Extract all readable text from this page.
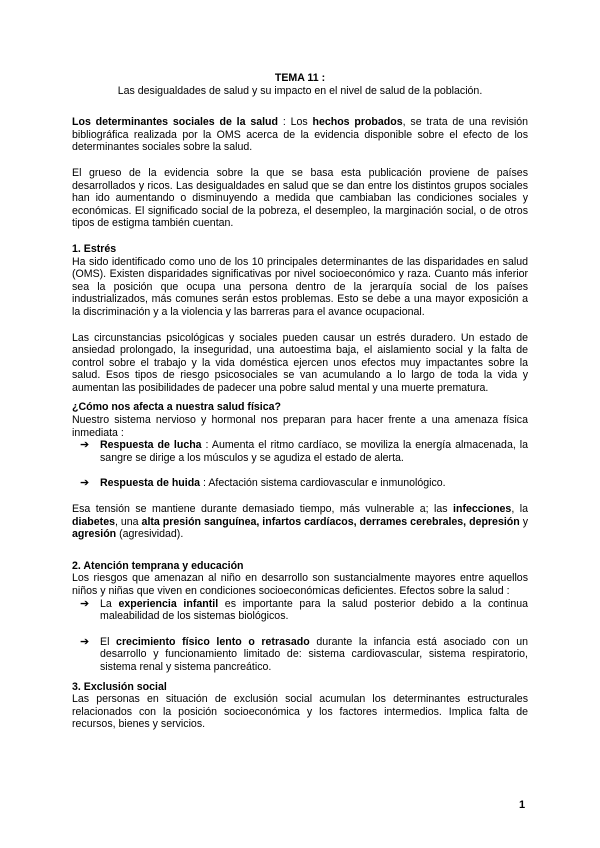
TEMA 11 :

Las desigualdades de salud y su impacto en el nivel de salud de la población.

Los determinantes sociales de la salud : Los hechos probados, se trata de una revisión bibliográfica realizada por la OMS acerca de la evidencia disponible sobre el efecto de los determinantes sociales sobre la salud.

El grueso de la evidencia sobre la que se basa esta publicación proviene de países desarrollados y ricos. Las desigualdades en salud que se dan entre los distintos grupos sociales han ido aumentando o disminuyendo a medida que cambiaban las condiciones sociales y económicas. El significado social de la pobreza, el desempleo, la marginación social, o de otros tipos de estigma también cuentan.

1. Estrés

Ha sido identificado como uno de los 10 principales determinantes de las disparidades en salud (OMS). Existen disparidades significativas por nivel socioeconómico y raza. Cuanto más inferior sea la posición que ocupa una persona dentro de la jerarquía social de los países industrializados, más comunes serán estos problemas. Esto se debe a una mayor exposición a la discriminación y a la violencia y las barreras para el avance ocupacional.

Las circunstancias psicológicas y sociales pueden causar un estrés duradero. Un estado de ansiedad prolongado, la inseguridad, una autoestima baja, el aislamiento social y la falta de control sobre el trabajo y la vida doméstica ejercen unos efectos muy impactantes sobre la salud. Esos tipos de riesgo psicosociales se van acumulando a lo largo de toda la vida y aumentan las posibilidades de padecer una pobre salud mental y una muerte prematura.

¿Cómo nos afecta a nuestra salud física?

Nuestro sistema nervioso y hormonal nos preparan para hacer frente a una amenaza física inmediata :

➔	Respuesta de lucha : Aumenta el ritmo cardíaco, se moviliza la energía almacenada, la sangre se dirige a los músculos y se agudiza el estado de alerta.

➔	Respuesta de huida : Afectación sistema cardiovascular e inmunológico.

Esa tensión se mantiene durante demasiado tiempo, más vulnerable a; las infecciones, la diabetes, una alta presión sanguínea, infartos cardíacos, derrames cerebrales, depresión y agresión (agresividad).

2. Atención temprana y educación

Los riesgos que amenazan al niño en desarrollo son sustancialmente mayores entre aquellos niños y niñas que viven en condiciones socioeconómicas deficientes. Efectos sobre la salud :

➔	La experiencia infantil es importante para la salud posterior debido a la continua maleabilidad de los sistemas biológicos.

➔	El crecimiento físico lento o retrasado durante la infancia está asociado con un desarrollo y funcionamiento limitado de: sistema cardiovascular, sistema respiratorio, sistema renal y sistema pancreático.

3. Exclusión social

Las personas en situación de exclusión social acumulan los determinantes estructurales relacionados con la posición socioeconómica y los factores intermedios. Implica falta de recursos, bienes y servicios.

1
